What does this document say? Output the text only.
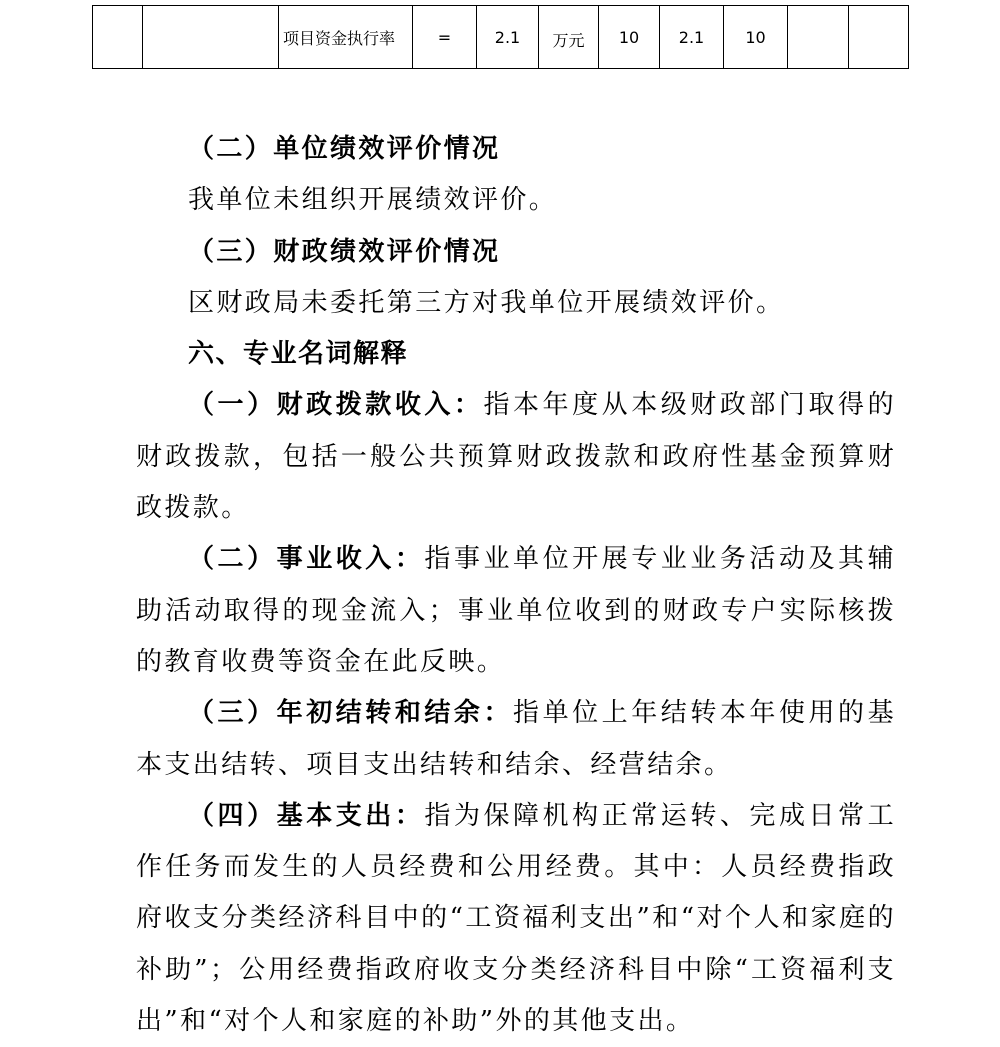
		项目资金执行率	=	2.1	万元	10	2.1	10		

（二）单位绩效评价情况

我单位未组织开展绩效评价。

（三）财政绩效评价情况

区财政局未委托第三方对我单位开展绩效评价。

六、专业名词解释

（一）财政拨款收入：指本年度从本级财政部门取得的财政拨款，包括一般公共预算财政拨款和政府性基金预算财政拨款。

（二）事业收入：指事业单位开展专业业务活动及其辅助活动取得的现金流入；事业单位收到的财政专户实际核拨的教育收费等资金在此反映。

（三）年初结转和结余：指单位上年结转本年使用的基本支出结转、项目支出结转和结余、经营结余。

（四）基本支出：指为保障机构正常运转、完成日常工作任务而发生的人员经费和公用经费。其中：人员经费指政府收支分类经济科目中的“工资福利支出”和“对个人和家庭的补助”；公用经费指政府收支分类经济科目中除“工资福利支出”和“对个人和家庭的补助”外的其他支出。
